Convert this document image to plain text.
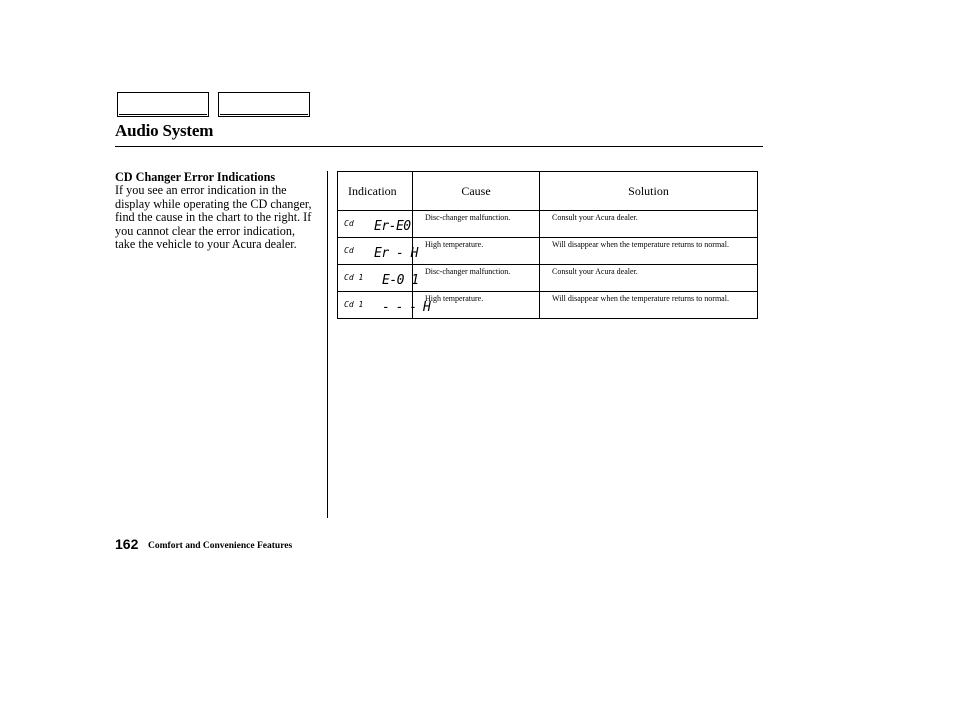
Audio System
CD Changer Error Indications
If you see an error indication in the display while operating the CD changer, find the cause in the chart to the right. If you cannot clear the error indication, take the vehicle to your Acura dealer.
Indication	Cause	Solution

Cd Er-E0	Disc-changer malfunction.	Consult your Acura dealer.

Cd Er - H	High temperature.	Will disappear when the temperature returns to normal.

Cd 1 E-0 1	Disc-changer malfunction.	Consult your Acura dealer.

Cd 1 - - - H	High temperature.	Will disappear when the temperature returns to normal.
162 Comfort and Convenience Features
